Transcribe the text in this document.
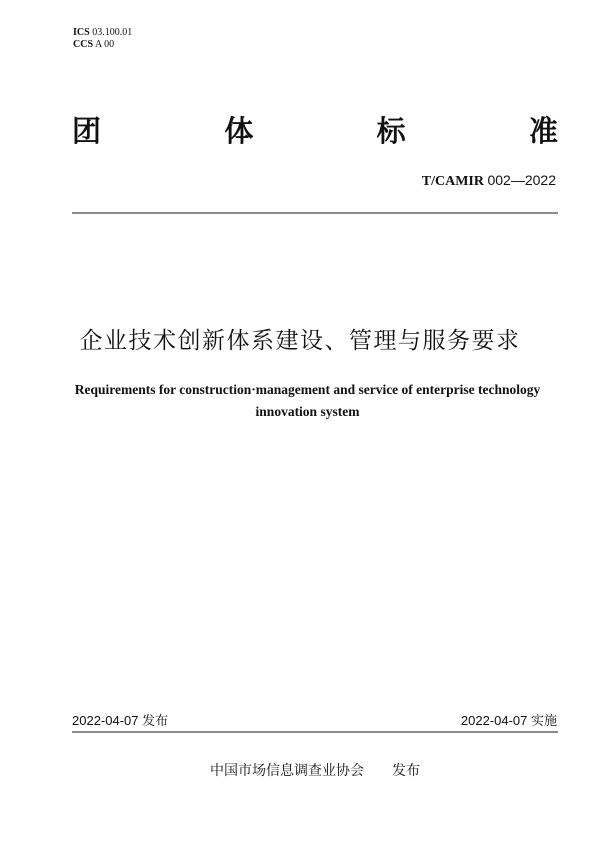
ICS 03.100.01
CCS A 00
团	体	标	准
T/CAMIR 002—2022
企业技术创新体系建设、管理与服务要求
Requirements for construction·management and service of enterprise technology
innovation system
2022-04-07 发布	2022-04-07 实施
中国市场信息调查业协会 发布
